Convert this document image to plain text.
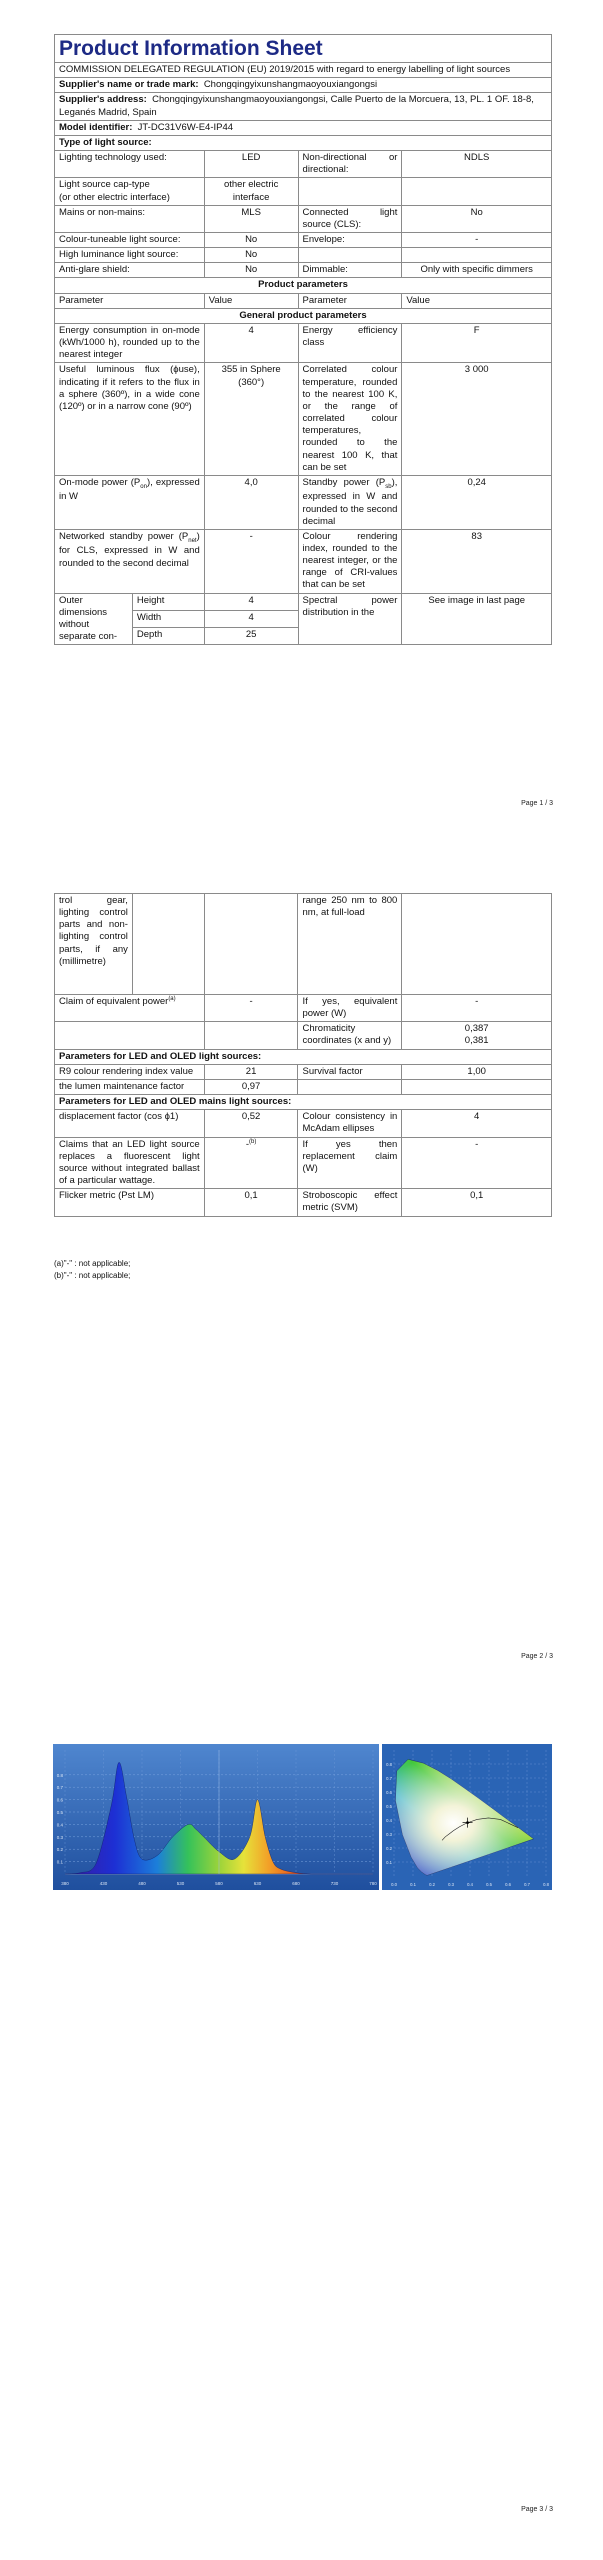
Product Information Sheet				
COMMISSION DELEGATED REGULATION (EU) 2019/2015 with regard to energy labelling of light sources				
Supplier's name or trade mark: Chongqingyixunshangmaoyouxiangongsi				
Supplier's address: Chongqingyixunshangmaoyouxiangongsi, Calle Puerto de la Morcuera, 13, PL. 1 OF. 18-8, Leganés Madrid, Spain				
Model identifier: JT-DC31V6W-E4-IP44				
Type of light source:				
Lighting technology used:		LED	Non-directional or directional:	NDLS

Light source cap-type
(or other electric interface)		other electric interface		
Mains or non-mains:		MLS	Connected light source (CLS):	No
Colour-tuneable light source:		No	Envelope:	-
High luminance light source:		No		
Anti-glare shield:		No	Dimmable:	Only with specific dimmers
Product parameters				
Parameter		Value	Parameter	Value
General product parameters				
Energy consumption in on-mode (kWh/1000 h), rounded up to the nearest integer		4	Energy efficiency class	F
Useful luminous flux (ϕuse), indicating if it refers to the flux in a sphere (360º), in a wide cone (120º) or in a narrow cone (90º)		355 in Sphere (360°)	Correlated colour temperature, rounded to the nearest 100 K, or the range of correlated colour temperatures, rounded to the nearest 100 K, that can be set	3 000
On-mode power $(P_{on})$, expressed in W		4,0	Standby power $(P_{sb})$, expressed in W and rounded to the second decimal	0,24
Networked standby power $(P_{net})$ for CLS, expressed in W and rounded to the second decimal		-	Colour rendering index, rounded to the nearest integer, or the range of CRI-values that can be set	83
Outer dimensions without separate con-	Height	4	Spectral power distribution in the	See image in last page
	Width	4		
	Depth	25		
Page 1 / 3
trol gear, lighting control parts and non-lighting control parts, if any (millimetre)			range 250 nm to 800 nm, at full-load	
Claim of equivalent power$^{(a)}$		-	If yes, equivalent power (W)	-
			Chromaticity coordinates (x and y)	0,387
0,381

Parameters for LED and OLED light sources:				
R9 colour rendering index value		21	Survival factor	1,00
the lumen maintenance factor		0,97		
Parameters for LED and OLED mains light sources:				
displacement factor (cos ϕ1)		0,52	Colour consistency in McAdam ellipses	4
Claims that an LED light source replaces a fluorescent light source without integrated ballast of a particular wattage.		-$^{(b)}$	If yes then replacement claim (W)	-
Flicker metric (Pst LM)		0,1	Stroboscopic effect metric (SVM)	0,1
(a)"-" : not applicable;
(b)"-" : not applicable;
Page 2 / 3
0.1
0.2
0.3
0.4
0.5
0.6
0.7
0.8
380	430	480	530	580	630	680	730	780
0.1
0.2
0.3
0.4
0.5
0.6
0.7
0.8
0.0	0.1	0.2	0.3	0.4	0.5	0.6	0.7	0.8
Page 3 / 3
